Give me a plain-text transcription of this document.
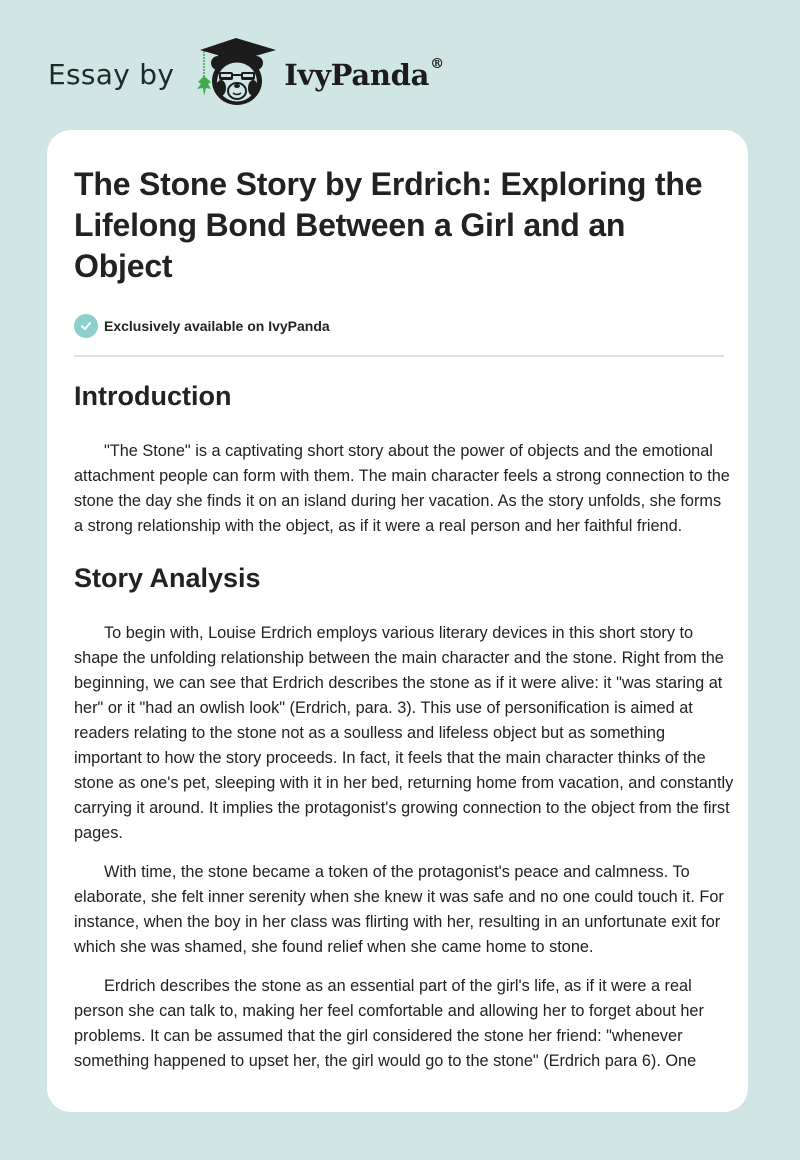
Essay by	IvyPanda®
The Stone Story by Erdrich: Exploring the Lifelong Bond Between a Girl and an Object
Exclusively available on IvyPanda
Introduction

"The Stone" is a captivating short story about the power of objects and the emotional attachment people can form with them. The main character feels a strong connection to the stone the day she finds it on an island during her vacation. As the story unfolds, she forms a strong relationship with the object, as if it were a real person and her faithful friend.

Story Analysis

To begin with, Louise Erdrich employs various literary devices in this short story to shape the unfolding relationship between the main character and the stone. Right from the beginning, we can see that Erdrich describes the stone as if it were alive: it "was staring at her" or it "had an owlish look" (Erdrich, para. 3). This use of personification is aimed at readers relating to the stone not as a soulless and lifeless object but as something important to how the story proceeds. In fact, it feels that the main character thinks of the stone as one's pet, sleeping with it in her bed, returning home from vacation, and constantly carrying it around. It implies the protagonist's growing connection to the object from the first pages.

With time, the stone became a token of the protagonist's peace and calmness. To elaborate, she felt inner serenity when she knew it was safe and no one could touch it. For instance, when the boy in her class was flirting with her, resulting in an unfortunate exit for which she was shamed, she found relief when she came home to stone.

Erdrich describes the stone as an essential part of the girl's life, as if it were a real person she can talk to, making her feel comfortable and allowing her to forget about her problems. It can be assumed that the girl considered the stone her friend: "whenever something happened to upset her, the girl would go to the stone" (Erdrich para 6). One
